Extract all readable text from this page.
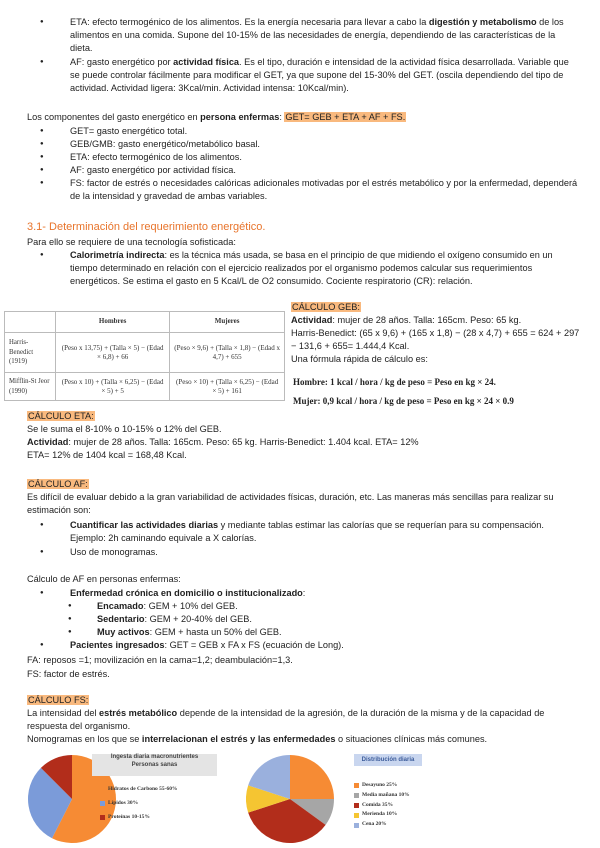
● ETA: efecto termogénico de los alimentos. Es la energía necesaria para llevar a cabo la digestión y metabolismo de los alimentos en una comida. Supone del 10-15% de las necesidades de energía, dependiendo de las características de la dieta.
● AF: gasto energético por actividad física. Es el tipo, duración e intensidad de la actividad física desarrollada. Variable que se puede controlar fácilmente para modificar el GET, ya que supone del 15-30% del GET. (oscila dependiendo del tipo de actividad. Actividad ligera: 3Kcal/min. Actividad intensa: 10Kcal/min).

Los componentes del gasto energético en persona enfermas: GET= GEB + ETA + AF + FS.

● GET= gasto energético total.
● GEB/GMB: gasto energético/metabólico basal.
● ETA: efecto termogénico de los alimentos.
● AF: gasto energético por actividad física.
● FS: factor de estrés o necesidades calóricas adicionales motivadas por el estrés metabólico y por la enfermedad, dependerá de la intensidad y gravedad de ambas variables.

3.1- Determinación del requerimiento energético.

Para ello se requiere de una tecnología sofisticada:

● Calorimetría indirecta: es la técnica más usada, se basa en el principio de que midiendo el oxígeno consumido en un tiempo determinado en relación con el ejercicio realizados por el organismo podemos calcular sus requerimientos energéticos. Se estima el gasto en 5 Kcal/L de O2 consumido. Cociente respiratorio (CR): relación.
	Hombres	Mujeres
Harris-Benedict (1919)	(Peso x 13,75) + (Talla × 5) − (Edad × 6,8) + 66	(Peso × 9,6) + (Talla × 1,8) − (Edad x 4,7) + 655
Mifflin-St Jeor (1990)	(Peso x 10) + (Talla × 6,25) − (Edad × 5) + 5	(Peso × 10) + (Talla × 6,25) − (Edad × 5) + 161
CÁLCULO GEB:
Actividad: mujer de 28 años. Talla: 165cm. Peso: 65 kg.
Harris-Benedict: (65 x 9,6) + (165 x 1,8) − (28 x 4,7) + 655 = 624 + 297 − 131,6 + 655= 1.444,4 Kcal.
Una fórmula rápida de cálculo es:
Hombre: 1 kcal / hora / kg de peso = Peso en kg × 24.
Mujer: 0,9 kcal / hora / kg de peso = Peso en kg × 24 × 0.9
CÁLCULO ETA:
Se le suma el 8-10% o 10-15% o 12% del GEB.
Actividad: mujer de 28 años. Talla: 165cm. Peso: 65 kg. Harris-Benedict: 1.404 kcal. ETA= 12%
ETA= 12% de 1404 kcal = 168,48 Kcal.
CÁLCULO AF:

Es difícil de evaluar debido a la gran variabilidad de actividades físicas, duración, etc. Las maneras más sencillas para realizar su estimación son:

● Cuantificar las actividades diarias y mediante tablas estimar las calorías que se requerían para su compensación. Ejemplo: 2h caminando equivale a X calorías.
● Uso de monogramas.

Cálculo de AF en personas enfermas:

● Enfermedad crónica en domicilio o institucionalizado:
● Encamado: GEM + 10% del GEB.
● Sedentario: GEM + 20-40% del GEB.
● Muy activos: GEM + hasta un 50% del GEB.
● Pacientes ingresados: GET = GEB x FA x FS (ecuación de Long).

FA: reposos =1; movilización en la cama=1,2; deambulación=1,3.

FS: factor de estrés.

CÁLCULO FS:
La intensidad del estrés metabólico depende de la intensidad de la agresión, de la duración de la misma y de la capacidad de respuesta del organismo.
Nomogramas en los que se interrelacionan el estrés y las enfermedades o situaciones clínicas más comunes.
Ingesta diaria macronutrientes
Personas sanas
Hidratos de Carbono 55-60%
Lípidos 30%
Proteínas 10-15%
Distribución diaria
Desayuno 25%
Media mañana 10%
Comida 35%
Merienda 10%
Cena 20%
